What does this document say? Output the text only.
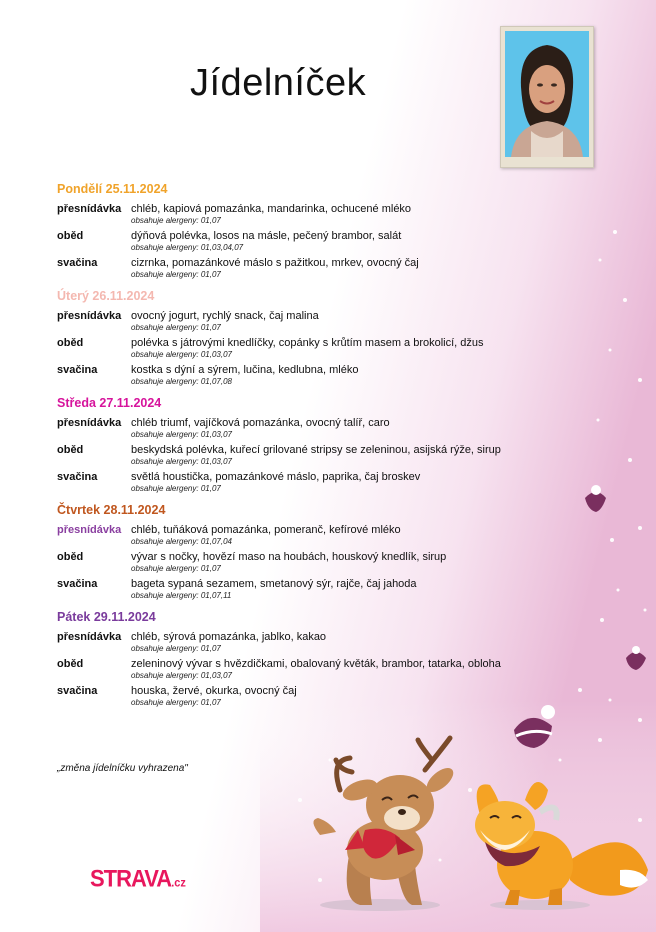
Jídelníček
Pondělí 25.11.2024
přesnídávka chléb, kapiová pomazánka, mandarinka, ochucené mléko
obsahuje alergeny: 01,07
oběd	dýňová polévka, losos na másle, pečený brambor, salát
obsahuje alergeny: 01,03,04,07
svačina	cizrnka, pomazánkové máslo s pažitkou, mrkev, ovocný čaj
obsahuje alergeny: 01,07
Úterý 26.11.2024
přesnídávka ovocný jogurt, rychlý snack, čaj malina
obsahuje alergeny: 01,07
oběd	polévka s játrovými knedlíčky, copánky s krůtím masem a brokolicí, džus
obsahuje alergeny: 01,03,07
svačina	kostka s dýní a sýrem, lučina, kedlubna, mléko
obsahuje alergeny: 01,07,08
Středa 27.11.2024
přesnídávka chléb triumf, vajíčková pomazánka, ovocný talíř, caro
obsahuje alergeny: 01,03,07
oběd	beskydská polévka, kuřecí grilované stripsy se zeleninou, asijská rýže, sirup
obsahuje alergeny: 01,03,07
svačina	světlá houstička, pomazánkové máslo, paprika, čaj broskev
obsahuje alergeny: 01,07
Čtvrtek 28.11.2024
přesnídávka chléb, tuňáková pomazánka, pomeranč, kefírové mléko
obsahuje alergeny: 01,07,04
oběd	vývar s nočky, hovězí maso na houbách, houskový knedlík, sirup
obsahuje alergeny: 01,07
svačina	bageta sypaná sezamem, smetanový sýr, rajče, čaj jahoda
obsahuje alergeny: 01,07,11
Pátek 29.11.2024
přesnídávka chléb, sýrová pomazánka, jablko, kakao
obsahuje alergeny: 01,07
oběd	zeleninový vývar s hvězdičkami, obalovaný květák, brambor, tatarka, obloha
obsahuje alergeny: 01,03,07
svačina	houska, žervé, okurka, ovocný čaj
obsahuje alergeny: 01,07
„změna jídelníčku vyhrazena"
STRAVA.cz
